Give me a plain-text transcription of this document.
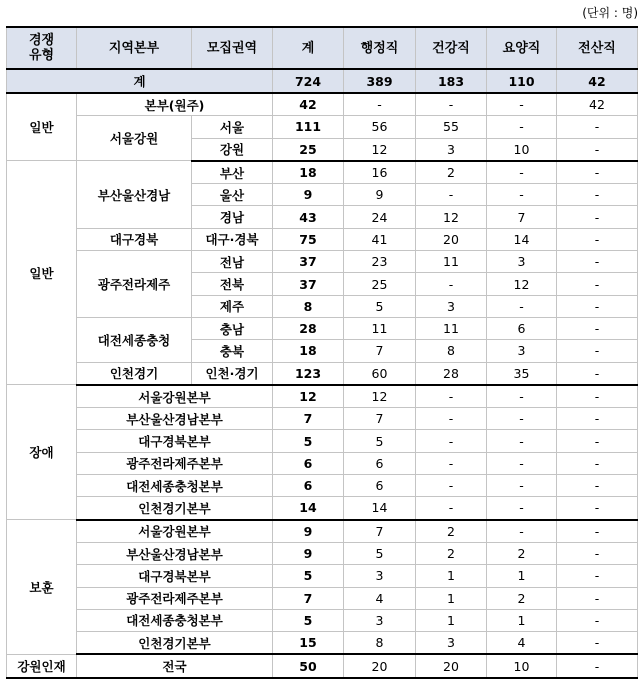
(단위 : 명)
경쟁
유형	지역본부	모집권역	계	행정직	건강직	요양직	전산직
계			724	389	183	110	42
일반	본부(원주)		42	-	-	-	42
	서울강원	서울	111	56	55	-	-
		강원	25	12	3	10	-
일반	부산울산경남	부산	18	16	2	-	-
		울산	9	9	-	-	-
		경남	43	24	12	7	-
	대구경북	대구·경북	75	41	20	14	-
	광주전라제주	전남	37	23	11	3	-
		전북	37	25	-	12	-
		제주	8	5	3	-	-
	대전세종충청	충남	28	11	11	6	-
		충북	18	7	8	3	-
	인천경기	인천·경기	123	60	28	35	-
장애	서울강원본부		12	12	-	-	-
	부산울산경남본부		7	7	-	-	-
	대구경북본부		5	5	-	-	-
	광주전라제주본부		6	6	-	-	-
	대전세종충청본부		6	6	-	-	-
	인천경기본부		14	14	-	-	-
보훈	서울강원본부		9	7	2	-	-
	부산울산경남본부		9	5	2	2	-
	대구경북본부		5	3	1	1	-
	광주전라제주본부		7	4	1	2	-
	대전세종충청본부		5	3	1	1	-
	인천경기본부		15	8	3	4	-
강원인재	전국		50	20	20	10	-
